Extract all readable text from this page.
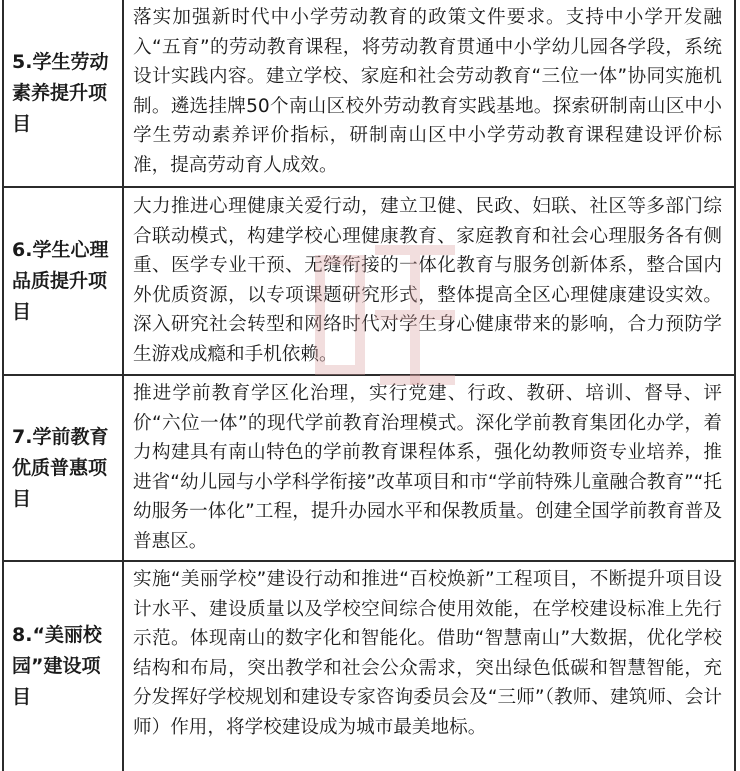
5.学生劳动素养提升项目
落实加强新时代中小学劳动教育的政策文件要求。支持中小学开发融入“五育”的劳动教育课程，将劳动教育贯通中小学幼儿园各学段，系统设计实践内容。建立学校、家庭和社会劳动教育“三位一体”协同实施机制。遴选挂牌50个南山区校外劳动教育实践基地。探索研制南山区中小学生劳动素养评价指标，研制南山区中小学劳动教育课程建设评价标准，提高劳动育人成效。
6.学生心理品质提升项目
大力推进心理健康关爱行动，建立卫健、民政、妇联、社区等多部门综合联动模式，构建学校心理健康教育、家庭教育和社会心理服务各有侧重、医学专业干预、无缝衔接的一体化教育与服务创新体系，整合国内外优质资源，以专项课题研究形式，整体提高全区心理健康建设实效。深入研究社会转型和网络时代对学生身心健康带来的影响，合力预防学生游戏成瘾和手机依赖。
7.学前教育优质普惠项目
推进学前教育学区化治理，实行党建、行政、教研、培训、督导、评价“六位一体”的现代学前教育治理模式。深化学前教育集团化办学，着力构建具有南山特色的学前教育课程体系，强化幼教师资专业培养，推进省“幼儿园与小学科学衔接”改革项目和市“学前特殊儿童融合教育”“托幼服务一体化”工程，提升办园水平和保教质量。创建全国学前教育普及普惠区。
8.“美丽校园”建设项目
实施“美丽学校”建设行动和推进“百校焕新”工程项目，不断提升项目设计水平、建设质量以及学校空间综合使用效能，在学校建设标准上先行示范。体现南山的数字化和智能化。借助“智慧南山”大数据，优化学校结构和布局，突出教学和社会公众需求，突出绿色低碳和智慧智能，充分发挥好学校规划和建设专家咨询委员会及“三师”（教师、建筑师、会计师）作用，将学校建设成为城市最美地标。
